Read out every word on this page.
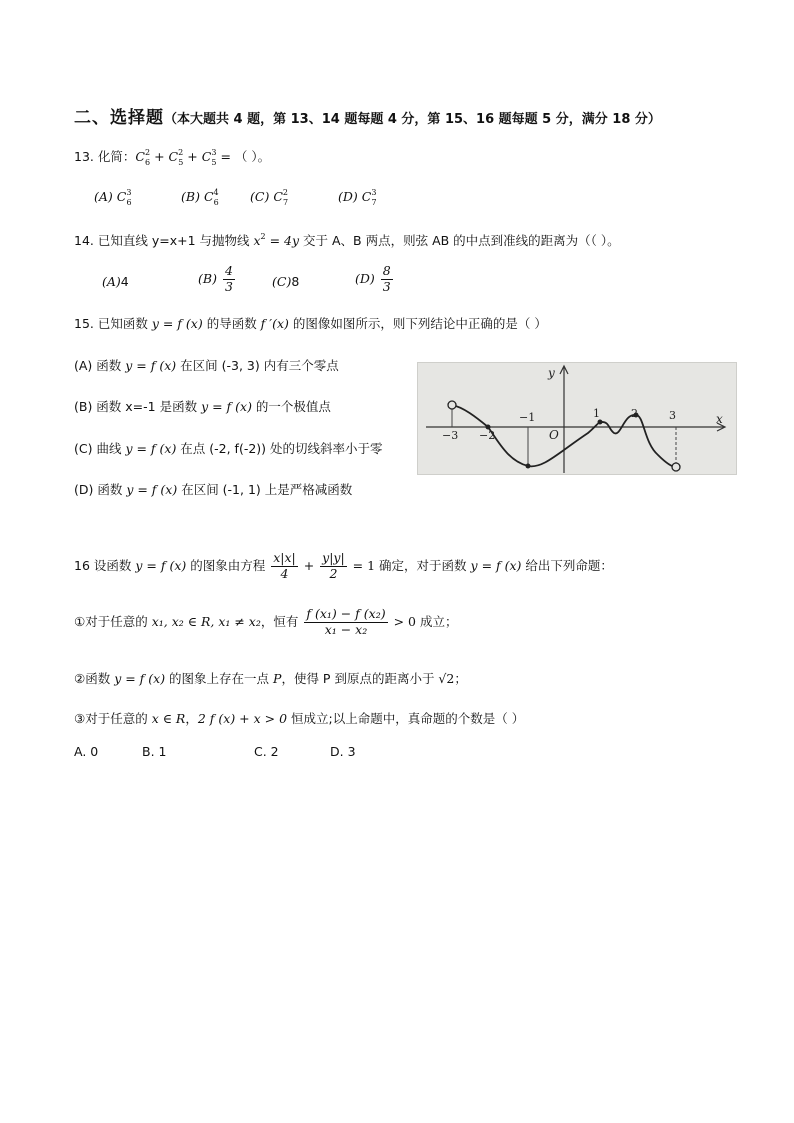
二、选择题（本大题共 4 题，第 13、14 题每题 4 分，第 15、16 题每题 5 分，满分 18 分）
13. 化简：$C^2_6 + C^2_5 + C^3_5$ = （ ）。
(A) $C^3_6$	(B) $C^4_6$	(C) $C^2_7$	(D) $C^3_7$
14. 已知直线 y=x+1 与抛物线 $x^2 = 4y$ 交于 A、B 两点，则弦 AB 的中点到准线的距离为（（ ）。
(A)4	$(B) \frac{4}{3}$	(C)8	$(D) \frac{8}{3}$
15. 已知函数 y = f (x) 的导函数 f ′(x) 的图像如图所示，则下列结论中正确的是（ ）
(A) 函数 y = f (x) 在区间 (-3, 3) 内有三个零点
(B) 函数 x=-1 是函数 y = f (x) 的一个极值点
(C) 曲线 y = f (x) 在点 (-2, f(-2)) 处的切线斜率小于零
(D) 函数 y = f (x) 在区间 (-1, 1) 上是严格减函数
y
x
O
−3 −2
−1	1	2	3
16 设函数 y = f (x) 的图象由方程 $\frac{x|x|}{4} + \frac{y|y|}{2} = 1$ 确定，对于函数 y = f (x) 给出下列命题：
①对于任意的 x₁, x₂ ∈ R, x₁ ≠ x₂，恒有 $\frac{\text{f (x₁) − f (x₂)}}{\text{x₁ − x₂}} > 0$ 成立；
②函数 y = f (x) 的图象上存在一点 P，使得 P 到原点的距离小于 √2；
③对于任意的 x ∈ R，2 f (x) + x > 0 恒成立;以上命题中，真命题的个数是（ ）
A. 0	B. 1	C. 2	D. 3
